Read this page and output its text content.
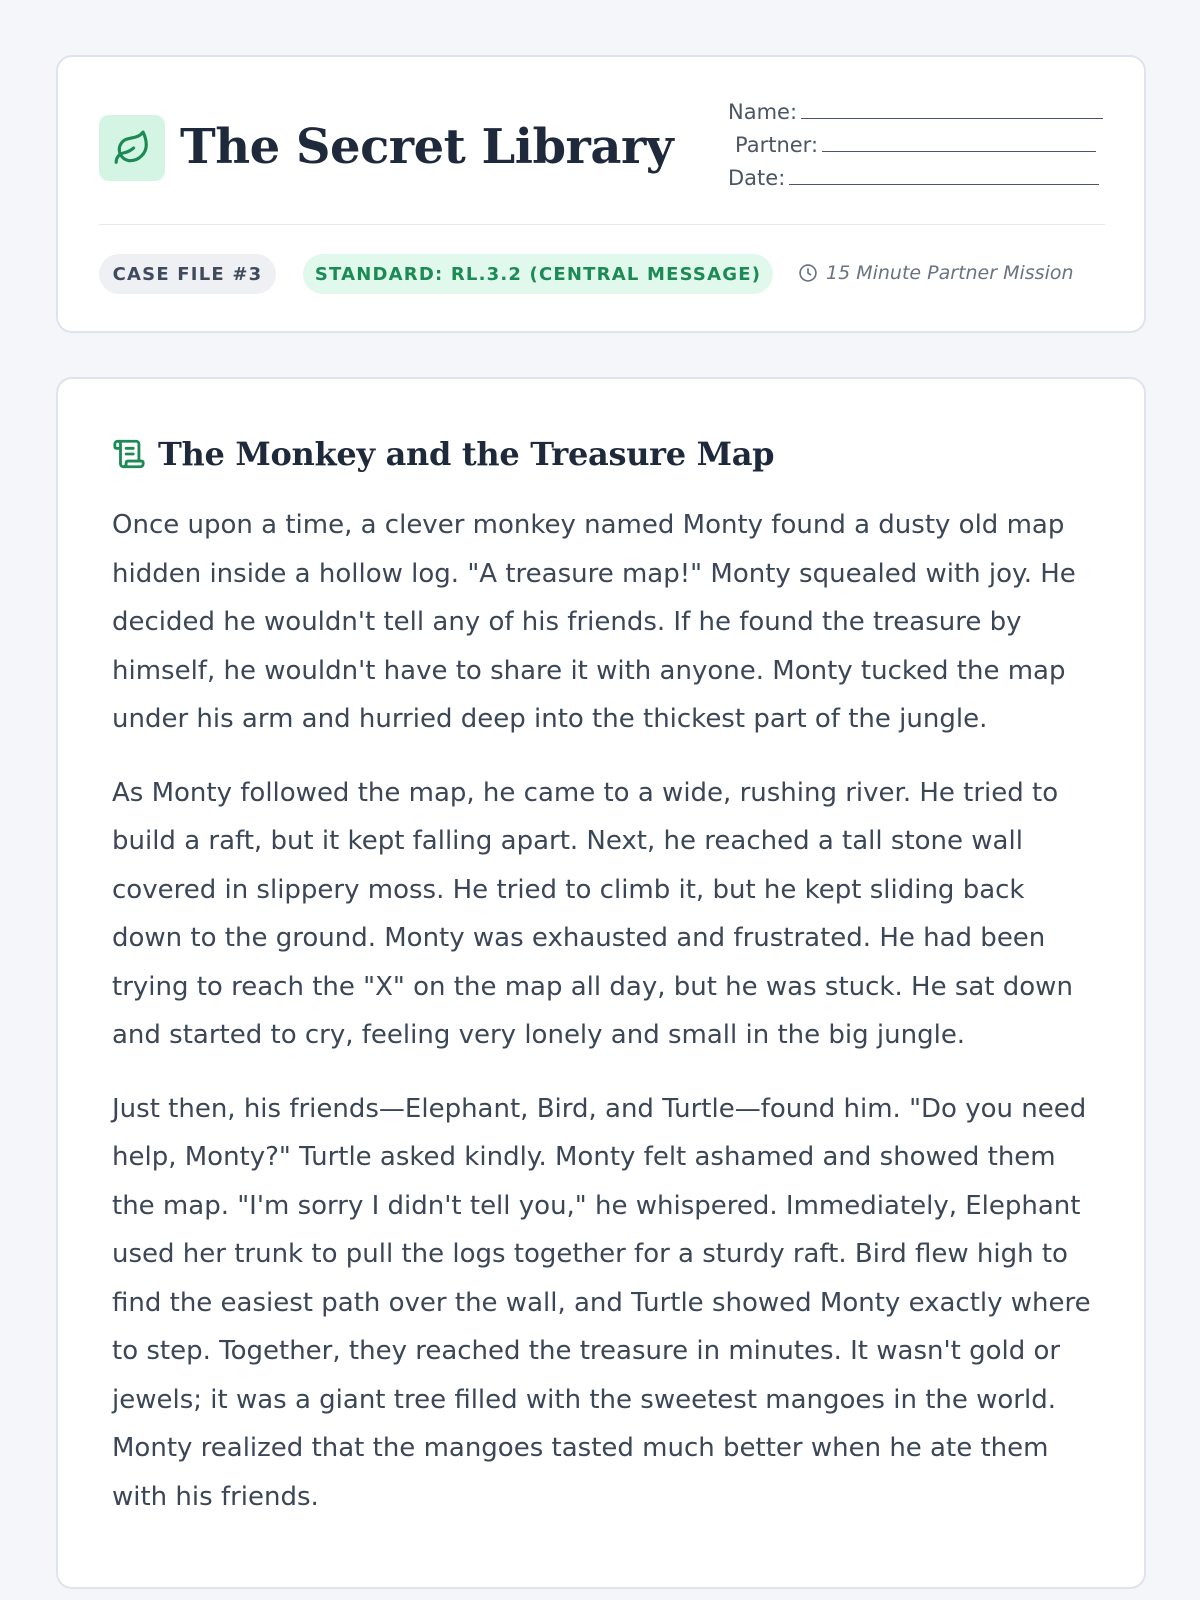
The Secret Library
Name:
Partner:
Date:
CASE FILE #3	STANDARD: RL.3.2 (CENTRAL MESSAGE)	15 Minute Partner Mission
The Monkey and the Treasure Map

Once upon a time, a clever monkey named Monty found a dusty old map hidden inside a hollow log. "A treasure map!" Monty squealed with joy. He decided he wouldn't tell any of his friends. If he found the treasure by himself, he wouldn't have to share it with anyone. Monty tucked the map under his arm and hurried deep into the thickest part of the jungle.

As Monty followed the map, he came to a wide, rushing river. He tried to build a raft, but it kept falling apart. Next, he reached a tall stone wall covered in slippery moss. He tried to climb it, but he kept sliding back down to the ground. Monty was exhausted and frustrated. He had been trying to reach the "X" on the map all day, but he was stuck. He sat down and started to cry, feeling very lonely and small in the big jungle.

Just then, his friends—Elephant, Bird, and Turtle—found him. "Do you need help, Monty?" Turtle asked kindly. Monty felt ashamed and showed them the map. "I'm sorry I didn't tell you," he whispered. Immediately, Elephant used her trunk to pull the logs together for a sturdy raft. Bird flew high to find the easiest path over the wall, and Turtle showed Monty exactly where to step. Together, they reached the treasure in minutes. It wasn't gold or jewels; it was a giant tree filled with the sweetest mangoes in the world. Monty realized that the mangoes tasted much better when he ate them with his friends.
